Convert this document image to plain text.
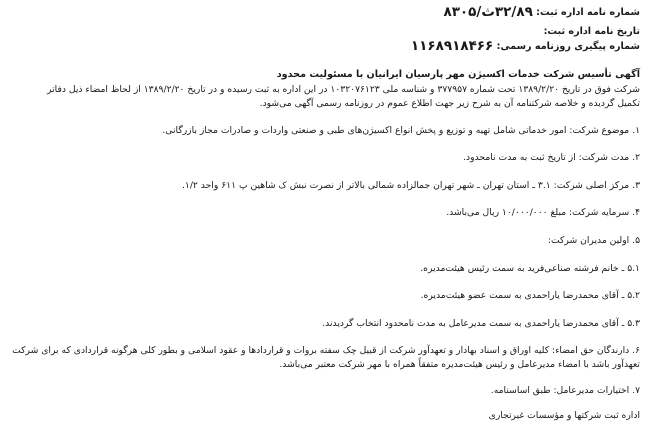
شماره نامه اداره ثبت: ۳۲/۸۹ث/۸۳۰۵
تاریخ نامه اداره ثبت:
شماره پیگیری روزنامه رسمی: ۱۱۶۸۹۱۸۴۶۶
آگهی تأسیس شرکت خدمات اکسیژن مهر پارسیان ایرانیان با مسئولیت محدود
شرکت فوق در تاریخ ۱۳۸۹/۲/۲۰ تحت شماره ۳۷۷۹۵۷ و شناسه ملی ۱۰۳۲۰۷۶۱۲۳ در این اداره به ثبت رسیده و در تاریخ ۱۳۸۹/۲/۲۰ از لحاظ امضاء ذیل دفاتر
تکمیل گردیده و خلاصه شرکتنامه آن به شرح زیر جهت اطلاع عموم در روزنامه رسمی آگهی می‌شود.
۱. موضوع شرکت: امور خدماتی شامل تهیه و توزیع و پخش انواع اکسیژن‌های طبی و صنعتی واردات و صادرات مجاز بازرگانی.
۲. مدت شرکت: از تاریخ ثبت به مدت نامحدود.
۳. مرکز اصلی شرکت: ۳.۱ ـ استان تهران ـ شهر تهران جمالزاده شمالی بالاتر از نصرت نبش ک شاهین پ ۶۱۱ واحد ۱/۲.
۴. سرمایه شرکت: مبلغ ۱۰/۰۰۰/۰۰۰ ریال می‌باشد.
۵. اولین مدیران شرکت:
۵.۱ ـ خانم فرشته صناعی‌فرید به سمت رئیس هیئت‌مدیره.
۵.۲ ـ آقای محمدرضا یاراحمدی به سمت عضو هیئت‌مدیره.
۵.۳ ـ آقای محمدرضا یاراحمدی به سمت مدیرعامل به مدت نامحدود انتخاب گردیدند.
۶. دارندگان حق امضاء: کلیه اوراق و اسناد بهادار و تعهدآور شرکت از قبیل چک سفته بروات و قراردادها و عقود اسلامی و بطور کلی هرگونه قراردادی که برای شرکت
تعهدآور باشد با امضاء مدیرعامل و رئیس هیئت‌مدیره متفقاً همراه با مهر شرکت معتبر می‌باشد.
۷. اختیارات مدیرعامل: طبق اساسنامه.
اداره ثبت شرکتها و مؤسسات غیرتجاری
